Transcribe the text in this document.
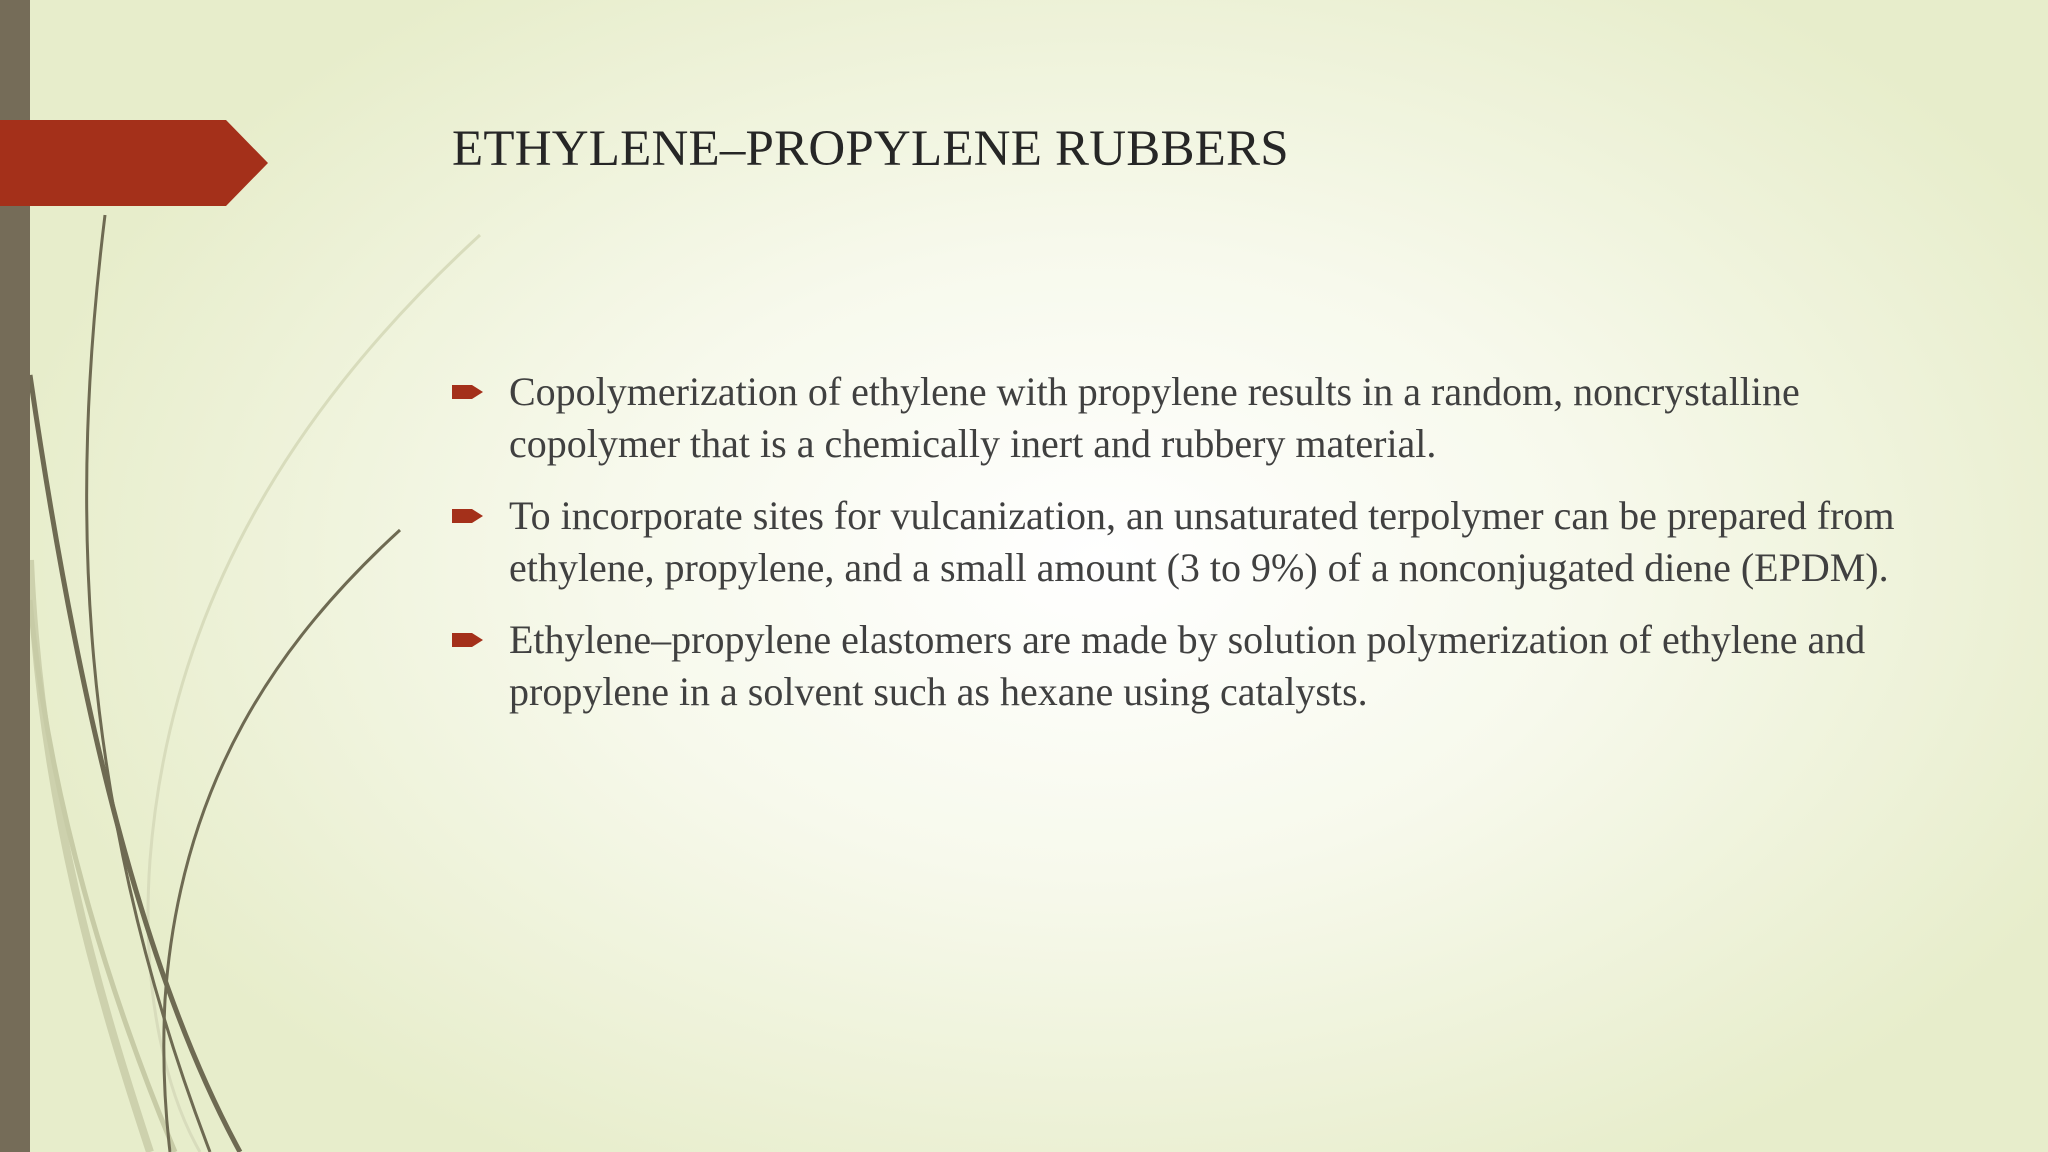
ETHYLENE–PROPYLENE RUBBERS
Copolymerization of ethylene with propylene results in a random, noncrystalline copolymer that is a chemically inert and rubbery material.
To incorporate sites for vulcanization, an unsaturated terpolymer can be prepared from ethylene, propylene, and a small amount (3 to 9%) of a nonconjugated diene (EPDM).
Ethylene–propylene elastomers are made by solution polymerization of ethylene and propylene in a solvent such as hexane using catalysts.
